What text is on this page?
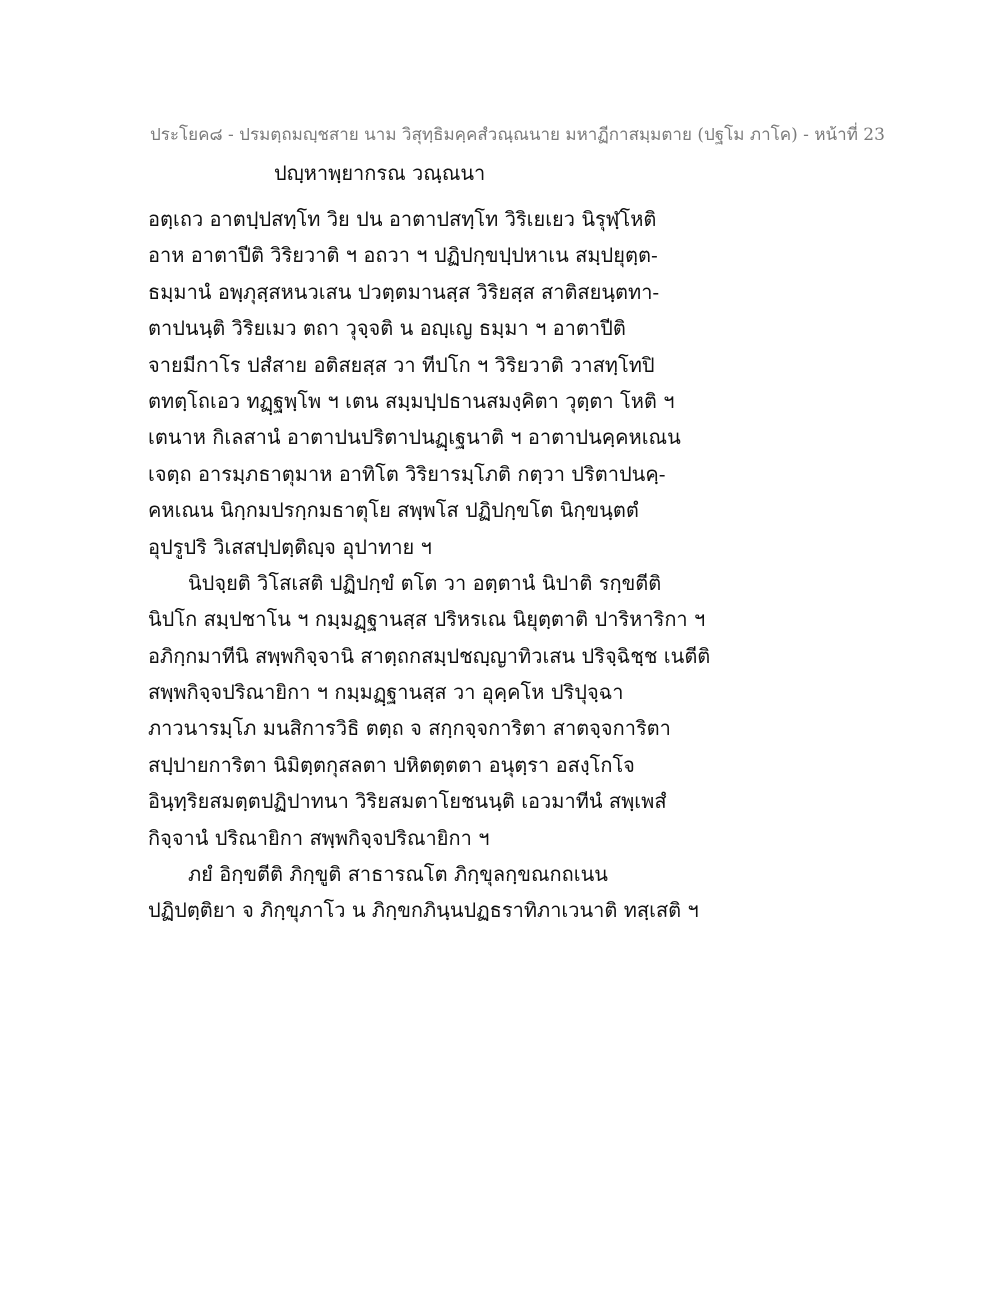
ประโยค๘ - ปรมตฺถมญฺชสาย นาม วิสุทฺธิมคฺคสํวณฺณนาย มหาฏีกาสมฺมตาย (ปฐโม ภาโค) - หน้าที่ 23
ปญฺหาพฺยากรณ วณฺณนา
อตฺเถว อาตปฺปสทฺโท วิย ปน อาตาปสทฺโท วิริเยเยว นิรุฬฺโหติ
อาห อาตาปีติ วิริยวาติ ฯ อถวา ฯ ปฏิปกฺขปฺปหาเน สมฺปยุตฺต-
ธมฺมานํ อพฺภุสฺสหนวเสน ปวตฺตมานสฺส วิริยสฺส สาติสยนฺตทา-
ตาปนนฺติ วิริยเมว ตถา วุจฺจติ น อญฺเญ ธมฺมา ฯ อาตาปีติ
จายมีกาโร ปสํสาย อติสยสฺส วา ทีปโก ฯ วิริยวาติ วาสทฺโทปิ
ตทตฺโถเอว ทฏฺฐพฺโพ ฯ เตน สมฺมปฺปธานสมงฺคิตา วุตฺตา โหติ ฯ
เตนาห กิเลสานํ อาตาปนปริตาปนฏฺเฐนาติ ฯ อาตาปนคฺคหเณน
เจตฺถ อารมฺภธาตุมาห อาทิโต วิริยารมฺโภติ กตฺวา ปริตาปนคฺ-
คหเณน นิกฺกมปรกฺกมธาตุโย สพฺพโส ปฏิปกฺขโต นิกฺขนฺตตํ
อุปรูปริ วิเสสปฺปตฺติญฺจ อุปาทาย ฯ
นิปจฺยติ วิโสเสติ ปฏิปกฺขํ ตโต วา อตฺตานํ นิปาติ รกฺขตีติ
นิปโก สมฺปชาโน ฯ กมฺมฏฺฐานสฺส ปริหรเณ นิยุตฺตาติ ปาริหาริกา ฯ
อภิกฺกมาทีนิ สพฺพกิจฺจานิ สาตฺถกสมฺปชญฺญาทิวเสน ปริจฺฉิชฺช เนตีติ
สพฺพกิจฺจปริณายิกา ฯ กมฺมฏฺฐานสฺส วา อุคฺคโห ปริปุจฺฉา
ภาวนารมฺโภ มนสิการวิธิ ตตฺถ จ สกฺกจฺจการิตา สาตจฺจการิตา
สปฺปายการิตา นิมิตฺตกุสลตา ปหิตตฺตตา อนุตฺรา อสงฺโกโจ
อินฺทฺริยสมตฺตปฏิปาทนา วิริยสมตาโยชนนฺติ เอวมาทีนํ สพฺเพสํ
กิจฺจานํ ปริณายิกา สพฺพกิจฺจปริณายิกา ฯ
ภยํ อิกฺขตีติ ภิกฺขูติ สาธารณโต ภิกฺขุลกฺขณกถเนน
ปฏิปตฺติยา จ ภิกฺขุภาโว น ภิกฺขกภินฺนปฏธราทิภาเวนาติ ทสฺเสติ ฯ
